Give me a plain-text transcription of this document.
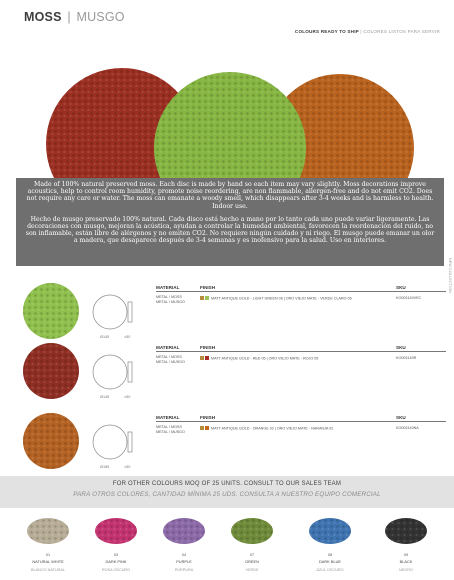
MOSS | MUSGO
COLOURS READY TO SHIP | COLORES LISTOS PARA SERVIR

Made of 100% natural preserved moss. Each disc is made by hand so each item may vary slightly. Moss decorations improve acoustics, help to control room humidity, promote noise reordering, are non flammable, allergen-free and do not emit CO2. Does not require any care or water. The moss can emanate a woody smell, which disappears after 3-4 weeks and is harmless to health. Indoor use.

Hecho de musgo preservado 100% natural. Cada disco está hecho a mano por lo tanto cada uno puede variar ligeramente. Las decoraciones con musgo, mejoran la acústica, ayudan a controlar la humedad ambiental, favorecen la reordenación del ruido, no son inflamable, están libre de alérgenos y no emiten CO2. No requiere ningún cuidado y ni riego. El musgo puede emanar un olor a madera, que desaparece después de 3-4 semanas y es inofensivo para la salud. Uso en interiores.

NEW COLLECTION
Ø145	≈50
MATERIAL	FINISH	SKU
METAL / MOSS
METAL / MUSGO
MATT ANTIQUE GOLD - LIGHT GREEN 06 | ORO VIEJO MATE - VERDE CLARO 06	KO003140VEC
Ø145	≈50
MATERIAL	FINISH	SKU
METAL / MOSS
METAL / MUSGO
MATT ANTIQUE GOLD - RED 05 | ORO VIEJO MATE - ROJO 05	KO003140R
Ø185	≈50
MATERIAL	FINISH	SKU
METAL / MOSS
METAL / MUSGO
MATT ANTIQUE GOLD - ORANGE 02 | ORO VIEJO MATE - NARANJA 02	KO003140NA
FOR OTHER COLOURS MOQ OF 25 UNITS. CONSULT TO OUR SALES TEAM
PARA OTROS COLORES, CANTIDAD MÍNIMA 25 UDS. CONSULTA A NUESTRO EQUIPO COMERCIAL
01
NATURAL WHITE
BLANCO NATURAL
03
DARK PINK
ROSA OSCURO
04
PURPLE
PÚRPURA
07
GREEN
VERDE
08
DARK BLUE
AZUL OSCURO
09
BLACK
NEGRO
